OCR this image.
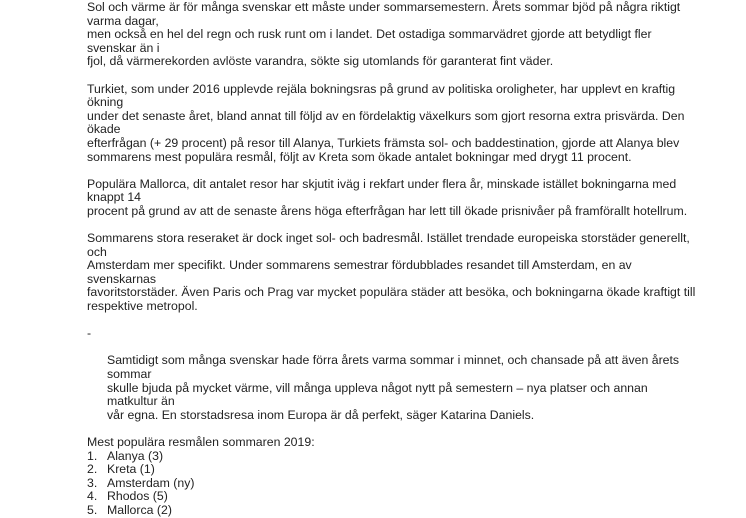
Sol och värme är för många svenskar ett måste under sommarsemestern. Årets sommar bjöd på några riktigt varma dagar,
men också en hel del regn och rusk runt om i landet. Det ostadiga sommarvädret gjorde att betydligt fler svenskar än i
fjol, då värmerekorden avlöste varandra, sökte sig utomlands för garanterat fint väder.

Turkiet, som under 2016 upplevde rejäla bokningsras på grund av politiska oroligheter, har upplevt en kraftig ökning
under det senaste året, bland annat till följd av en fördelaktig växelkurs som gjort resorna extra prisvärda. Den ökade
efterfrågan (+ 29 procent) på resor till Alanya, Turkiets främsta sol- och baddestination, gjorde att Alanya blev
sommarens mest populära resmål, följt av Kreta som ökade antalet bokningar med drygt 11 procent.

Populära Mallorca, dit antalet resor har skjutit iväg i rekfart under flera år, minskade istället bokningarna med knappt 14
procent på grund av att de senaste årens höga efterfrågan har lett till ökade prisnivåer på framförallt hotellrum.

Sommarens stora reseraket är dock inget sol- och badresmål. Istället trendade europeiska storstäder generellt, och
Amsterdam mer specifikt. Under sommarens semestrar fördubblades resandet till Amsterdam, en av svenskarnas
favoritstorstäder. Även Paris och Prag var mycket populära städer att besöka, och bokningarna ökade kraftigt till
respektive metropol.

-

Samtidigt som många svenskar hade förra årets varma sommar i minnet, och chansade på att även årets sommar
skulle bjuda på mycket värme, vill många uppleva något nytt på semestern – nya platser och annan matkultur än
vår egna. En storstadsresa inom Europa är då perfekt, säger Katarina Daniels.

Mest populära resmålen sommaren 2019:

1. Alanya (3)
2. Kreta (1)
3. Amsterdam (ny)
4. Rhodos (5)
5. Mallorca (2)
